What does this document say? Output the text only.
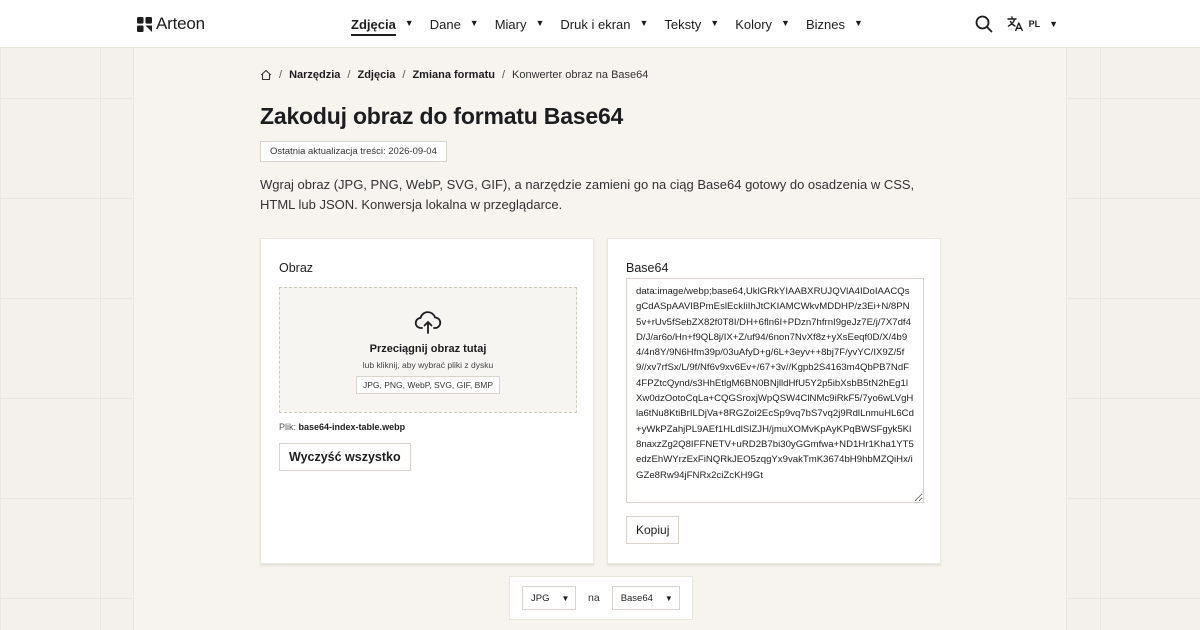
Arteon	Zdjęcia ▼ Dane ▼ Miary ▼ Druk i ekran ▼ Teksty ▼ Kolory ▼ Biznes ▼	PL ▼
/ Narzędzia / Zdjęcia / Zmiana formatu / Konwerter obraz na Base64
Zakoduj obraz do formatu Base64
Ostatnia aktualizacja treści: 2026-09-04

Wgraj obraz (JPG, PNG, WebP, SVG, GIF), a narzędzie zamieni go na ciąg Base64 gotowy do osadzenia w CSS, HTML lub JSON. Konwersja lokalna w przeglądarce.

Obraz
Przeciągnij obraz tutaj
lub kliknij, aby wybrać pliki z dysku
JPG, PNG, WebP, SVG, GIF, BMP
Plik: base64-index-table.webp
Wyczyść wszystko
Base64
data:image/webp;base64,UklGRkYIAABXRUJQVlA4IDoIAACQsgCdASpAAVIBPmEslEckIiIhJtCKIAMCWkvMDDHP/z3Ei+N/8PN5v+rUv5fSebZX82f0T8I/DH+6fln6I+PDzn7hfrnI9geJz7E/j/7X7df4D/J/ar6o/Hn+f9QL8j/IX+Z/uf94/6non7NvXf8z+yXsEeqf0D/X/4b94/4n8Y/9N6Hfm39p/03uAfyD+g/6L+3eyv++8bj7F/yvYC/IX9Z/5f9//xv7rfSx/L/9f/Nf6v9xv6Ev+/67+3v//Kgpb2S4163m4QbPB7NdF4FPZtcQynd/s3HhEtlgM6BN0BNjlldHfU5Y2p5ibXsbB5tN2hEg1lXw0dzOotoCqLa+CQGSroxjWpQSW4ClNMc9iRkF5/7yo6wLVgHla6tNu8KtiBrILDjVa+8RGZoi2EcSp9vq7bS7vq2j9RdlLnmuHL6Cd+yWkPZahjPL9AEf1HLdlSlZJH/jmuXOMvKpAyKPqBWSFgyk5Kl8naxzZg2Q8IFFNETV+uRD2B7bi30yGGmfwa+ND1Hr1Kha1YT5edzEhWYrzExFiNQRkJEO5zqgYx9vakTmK3674bH9hbMZQiHx/iGZe8Rw94jFNRx2ciZcKH9Gt
Kopiuj
JPG ▼ na Base64 ▼
